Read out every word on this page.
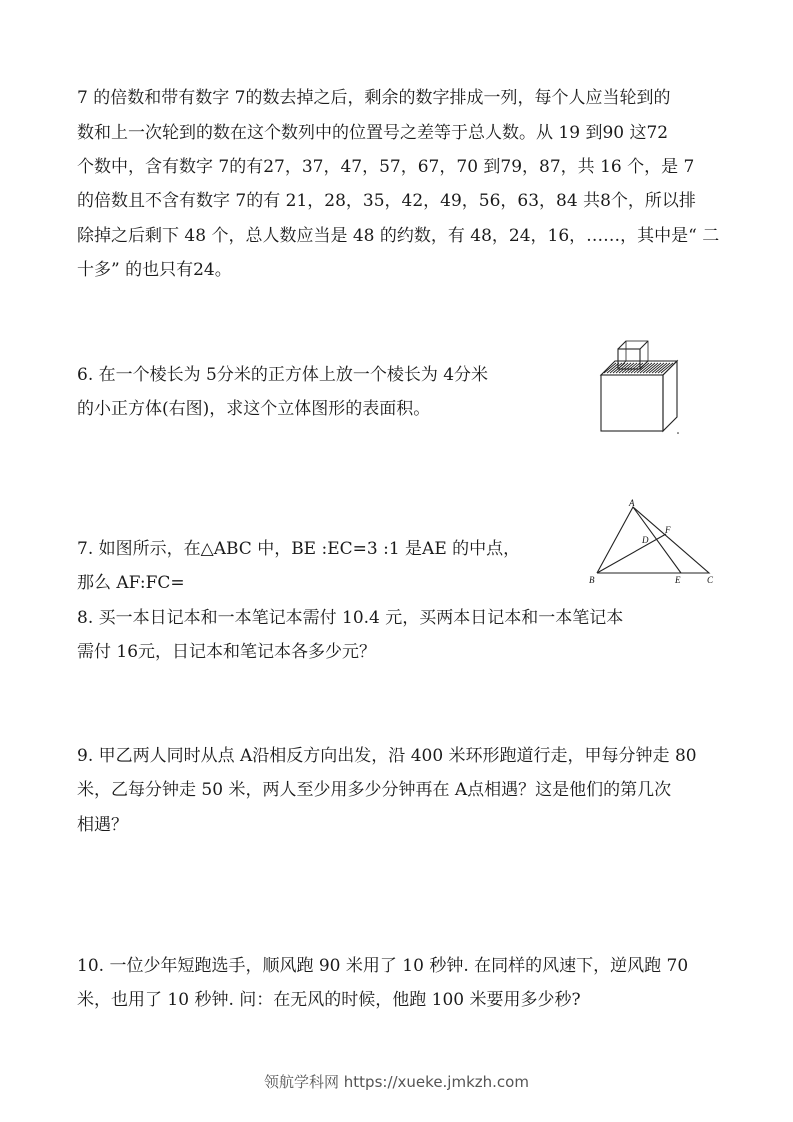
7 的倍数和带有数字 7的数去掉之后，剩余的数字排成一列，每个人应当轮到的
数和上一次轮到的数在这个数列中的位置号之差等于总人数。从 19 到90 这72
个数中，含有数字 7的有27，37，47，57，67，70 到79，87，共 16 个，是 7
的倍数且不含有数字 7的有 21，28，35，42，49，56，63，84 共8个，所以排
除掉之后剩下 48 个，总人数应当是 48 的约数，有 48，24，16，……，其中是“ 二
十多” 的也只有24。
6. 在一个棱长为 5分米的正方体上放一个棱长为 4分米
的小正方体(右图)，求这个立体图形的表面积。
7. 如图所示，在△ABC 中，BE :EC=3 :1 是AE 的中点，
那么 AF:FC=
A
B	C
D
E
F
8. 买一本日记本和一本笔记本需付 10.4 元，买两本日记本和一本笔记本
需付 16元，日记本和笔记本各多少元？
9. 甲乙两人同时从点 A沿相反方向出发，沿 400 米环形跑道行走，甲每分钟走 80
米，乙每分钟走 50 米，两人至少用多少分钟再在 A点相遇？这是他们的第几次
相遇？
10. 一位少年短跑选手，顺风跑 90 米用了 10 秒钟. 在同样的风速下，逆风跑 70
米，也用了 10 秒钟. 问：在无风的时候，他跑 100 米要用多少秒?
领航学科网 https://xueke.jmkzh.com
